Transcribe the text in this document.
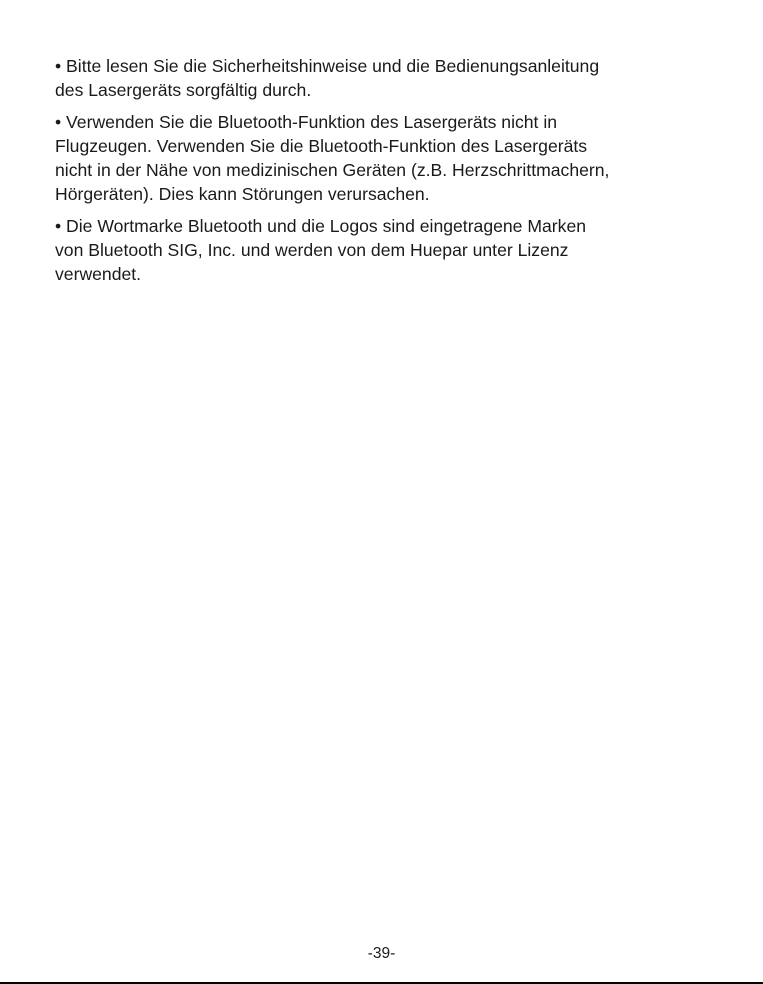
• Bitte lesen Sie die Sicherheitshinweise und die Bedienungsanleitung
des Lasergeräts sorgfältig durch.

• Verwenden Sie die Bluetooth-Funktion des Lasergeräts nicht in
Flugzeugen. Verwenden Sie die Bluetooth-Funktion des Lasergeräts
nicht in der Nähe von medizinischen Geräten (z.B. Herzschrittmachern,
Hörgeräten). Dies kann Störungen verursachen.

• Die Wortmarke Bluetooth und die Logos sind eingetragene Marken
von Bluetooth SIG, Inc. und werden von dem Huepar unter Lizenz
verwendet.

-39-
